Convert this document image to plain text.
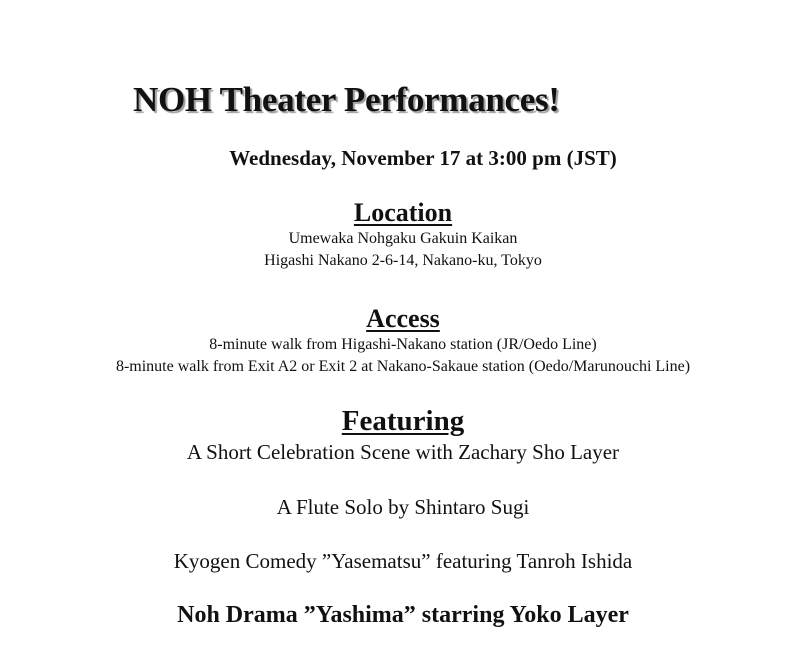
NOH Theater Performances!
Wednesday, November 17 at 3:00 pm (JST)
Location
Umewaka Nohgaku Gakuin Kaikan
Higashi Nakano 2-6-14, Nakano-ku, Tokyo
Access
8-minute walk from Higashi-Nakano station (JR/Oedo Line)
8-minute walk from Exit A2 or Exit 2 at Nakano-Sakaue station (Oedo/Marunouchi Line)
Featuring
A Short Celebration Scene with Zachary Sho Layer
A Flute Solo by Shintaro Sugi
Kyogen Comedy ”Yasematsu” featuring Tanroh Ishida
Noh Drama ”Yashima” starring Yoko Layer
